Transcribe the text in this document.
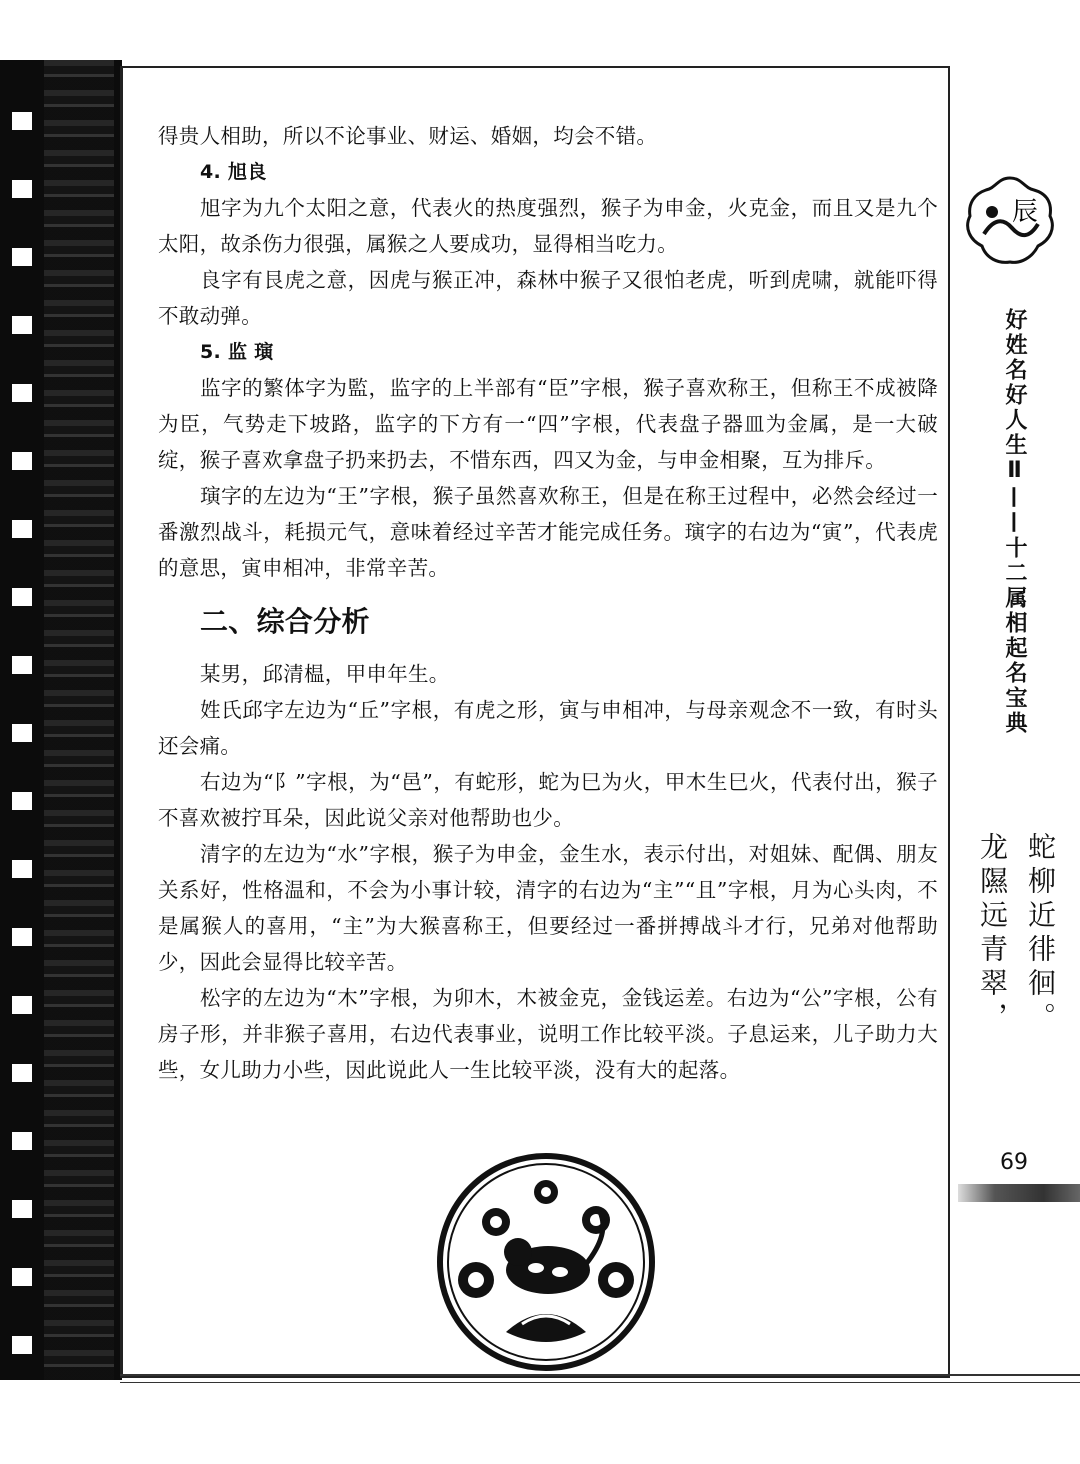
得贵人相助，所以不论事业、财运、婚姻，均会不错。

4. 旭良

旭字为九个太阳之意，代表火的热度强烈，猴子为申金，火克金，而且又是九个太阳，故杀伤力很强，属猴之人要成功，显得相当吃力。

良字有艮虎之意，因虎与猴正冲，森林中猴子又很怕老虎，听到虎啸，就能吓得不敢动弹。

5. 监 璌

监字的繁体字为監，监字的上半部有“臣”字根，猴子喜欢称王，但称王不成被降为臣，气势走下坡路，监字的下方有一“四”字根，代表盘子器皿为金属，是一大破绽，猴子喜欢拿盘子扔来扔去，不惜东西，四又为金，与申金相聚，互为排斥。

璌字的左边为“王”字根，猴子虽然喜欢称王，但是在称王过程中，必然会经过一番激烈战斗，耗损元气，意味着经过辛苦才能完成任务。璌字的右边为“寅”，代表虎的意思，寅申相冲，非常辛苦。

二、综合分析

某男，邱清榅，甲申年生。

姓氏邱字左边为“丘”字根，有虎之形，寅与申相冲，与母亲观念不一致，有时头还会痛。

右边为“阝”字根，为“邑”，有蛇形，蛇为巳为火，甲木生巳火，代表付出，猴子不喜欢被拧耳朵，因此说父亲对他帮助也少。

清字的左边为“水”字根，猴子为申金，金生水，表示付出，对姐妹、配偶、朋友关系好，性格温和，不会为小事计较，清字的右边为“主”“且”字根，月为心头肉，不是属猴人的喜用，“主”为大猴喜称王，但要经过一番拼搏战斗才行，兄弟对他帮助少，因此会显得比较辛苦。

松字的左边为“木”字根，为卯木，木被金克，金钱运差。右边为“公”字根，公有房子形，并非猴子喜用，右边代表事业，说明工作比较平淡。子息运来，儿子助力大些，女儿助力小些，因此说此人一生比较平淡，没有大的起落。

辰
好姓名好人生Ⅱ——十二属相起名宝典
蛇柳近徘徊。
龙隰远青翠，
69
